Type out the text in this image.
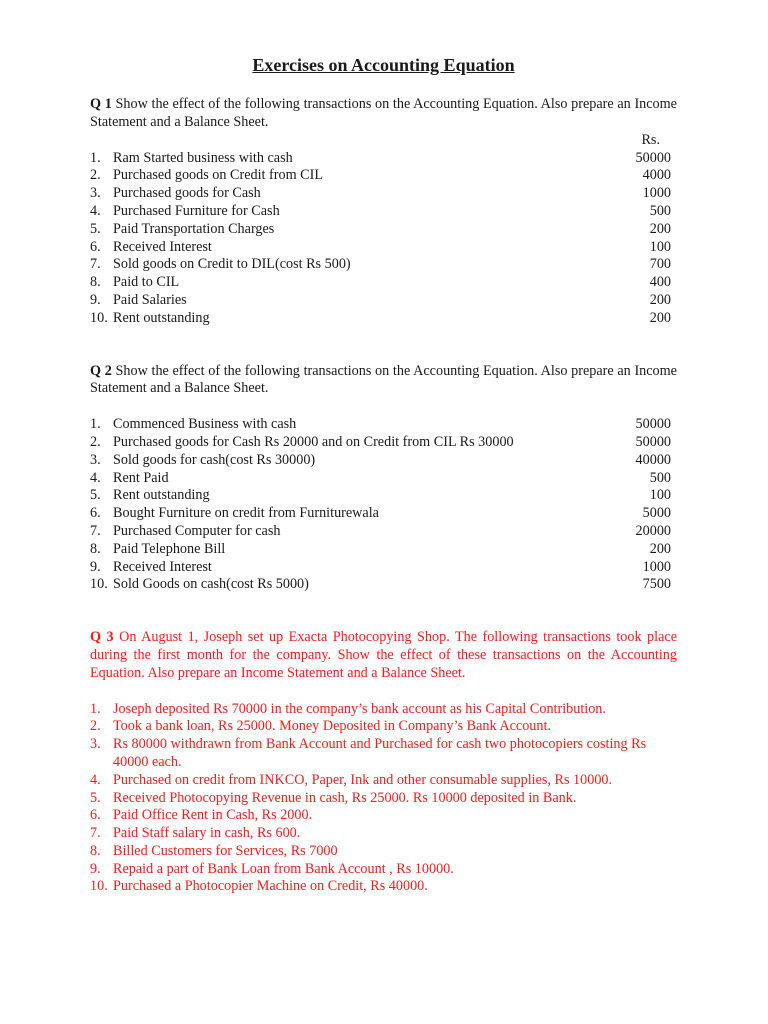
Exercises on Accounting Equation

Q 1 Show the effect of the following transactions on the Accounting Equation. Also prepare an Income Statement and a Balance Sheet.

Rs.
1. Ram Started business with cash	50000
2. Purchased goods on Credit from CIL	4000
3. Purchased goods for Cash	1000
4. Purchased Furniture for Cash	500
5. Paid Transportation Charges	200
6. Received Interest	100
7. Sold goods on Credit to DIL(cost Rs 500)	700
8. Paid to CIL	400
9. Paid Salaries	200
10. Rent outstanding	200

Q 2 Show the effect of the following transactions on the Accounting Equation. Also prepare an Income Statement and a Balance Sheet.

1. Commenced Business with cash	50000
2. Purchased goods for Cash Rs 20000 and on Credit from CIL Rs 30000	50000
3. Sold goods for cash(cost Rs 30000)	40000
4. Rent Paid	500
5. Rent outstanding	100
6. Bought Furniture on credit from Furniturewala	5000
7. Purchased Computer for cash	20000
8. Paid Telephone Bill	200
9. Received Interest	1000
10. Sold Goods on cash(cost Rs 5000)	7500

Q 3 On August 1, Joseph set up Exacta Photocopying Shop. The following transactions took place during the first month for the company. Show the effect of these transactions on the Accounting Equation. Also prepare an Income Statement and a Balance Sheet.

1. Joseph deposited Rs 70000 in the company’s bank account as his Capital Contribution.
2. Took a bank loan, Rs 25000. Money Deposited in Company’s Bank Account.
3. Rs 80000 withdrawn from Bank Account and Purchased for cash two photocopiers costing Rs 40000 each.
4. Purchased on credit from INKCO, Paper, Ink and other consumable supplies, Rs 10000.
5. Received Photocopying Revenue in cash, Rs 25000. Rs 10000 deposited in Bank.
6. Paid Office Rent in Cash, Rs 2000.
7. Paid Staff salary in cash, Rs 600.
8. Billed Customers for Services, Rs 7000
9. Repaid a part of Bank Loan from Bank Account , Rs 10000.
10. Purchased a Photocopier Machine on Credit, Rs 40000.
